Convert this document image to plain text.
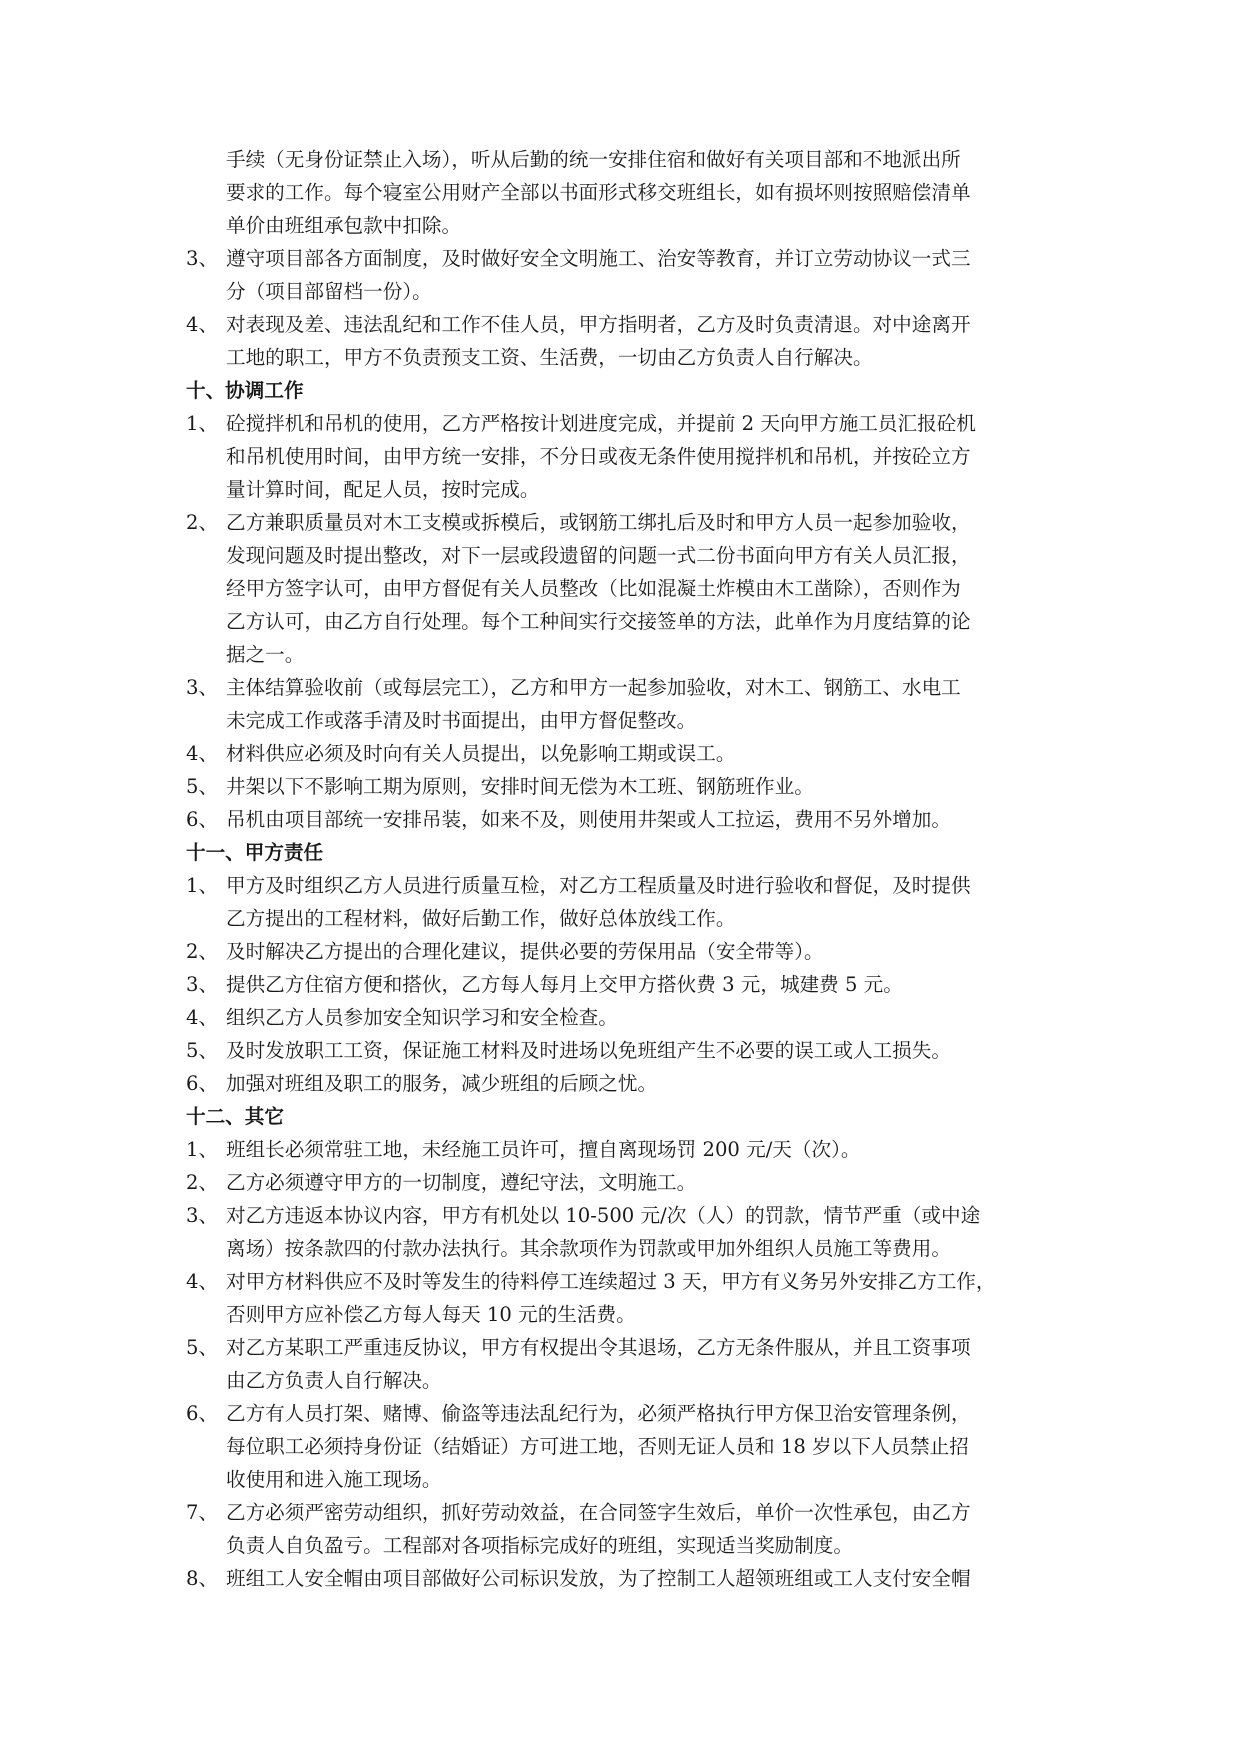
手续（无身份证禁止入场），听从后勤的统一安排住宿和做好有关项目部和不地派出所
要求的工作。每个寝室公用财产全部以书面形式移交班组长，如有损坏则按照赔偿清单
单价由班组承包款中扣除。
3、 遵守项目部各方面制度，及时做好安全文明施工、治安等教育，并订立劳动协议一式三
分（项目部留档一份）。
4、 对表现及差、违法乱纪和工作不佳人员，甲方指明者，乙方及时负责清退。对中途离开
工地的职工，甲方不负责预支工资、生活费，一切由乙方负责人自行解决。
十、协调工作
1、 砼搅拌机和吊机的使用，乙方严格按计划进度完成，并提前 2 天向甲方施工员汇报砼机
和吊机使用时间，由甲方统一安排，不分日或夜无条件使用搅拌机和吊机，并按砼立方
量计算时间，配足人员，按时完成。
2、 乙方兼职质量员对木工支模或拆模后，或钢筋工绑扎后及时和甲方人员一起参加验收，
发现问题及时提出整改，对下一层或段遗留的问题一式二份书面向甲方有关人员汇报，
经甲方签字认可，由甲方督促有关人员整改（比如混凝土炸模由木工凿除），否则作为
乙方认可，由乙方自行处理。每个工种间实行交接签单的方法，此单作为月度结算的论
据之一。
3、 主体结算验收前（或每层完工），乙方和甲方一起参加验收，对木工、钢筋工、水电工
未完成工作或落手清及时书面提出，由甲方督促整改。
4、 材料供应必须及时向有关人员提出，以免影响工期或误工。
5、 井架以下不影响工期为原则，安排时间无偿为木工班、钢筋班作业。
6、 吊机由项目部统一安排吊装，如来不及，则使用井架或人工拉运，费用不另外增加。
十一、甲方责任
1、 甲方及时组织乙方人员进行质量互检，对乙方工程质量及时进行验收和督促，及时提供
乙方提出的工程材料，做好后勤工作，做好总体放线工作。
2、 及时解决乙方提出的合理化建议，提供必要的劳保用品（安全带等）。
3、 提供乙方住宿方便和搭伙，乙方每人每月上交甲方搭伙费 3 元，城建费 5 元。
4、 组织乙方人员参加安全知识学习和安全检查。
5、 及时发放职工工资，保证施工材料及时进场以免班组产生不必要的误工或人工损失。
6、 加强对班组及职工的服务，减少班组的后顾之忧。
十二、其它
1、 班组长必须常驻工地，未经施工员许可，擅自离现场罚 200 元/天（次）。
2、 乙方必须遵守甲方的一切制度，遵纪守法，文明施工。
3、 对乙方违返本协议内容，甲方有机处以 10-500 元/次（人）的罚款，情节严重（或中途
离场）按条款四的付款办法执行。其余款项作为罚款或甲加外组织人员施工等费用。
4、 对甲方材料供应不及时等发生的待料停工连续超过 3 天，甲方有义务另外安排乙方工作，
否则甲方应补偿乙方每人每天 10 元的生活费。
5、 对乙方某职工严重违反协议，甲方有权提出令其退场，乙方无条件服从，并且工资事项
由乙方负责人自行解决。
6、 乙方有人员打架、赌博、偷盗等违法乱纪行为，必须严格执行甲方保卫治安管理条例，
每位职工必须持身份证（结婚证）方可进工地，否则无证人员和 18 岁以下人员禁止招
收使用和进入施工现场。
7、 乙方必须严密劳动组织，抓好劳动效益，在合同签字生效后，单价一次性承包，由乙方
负责人自负盈亏。工程部对各项指标完成好的班组，实现适当奖励制度。
8、 班组工人安全帽由项目部做好公司标识发放，为了控制工人超领班组或工人支付安全帽
